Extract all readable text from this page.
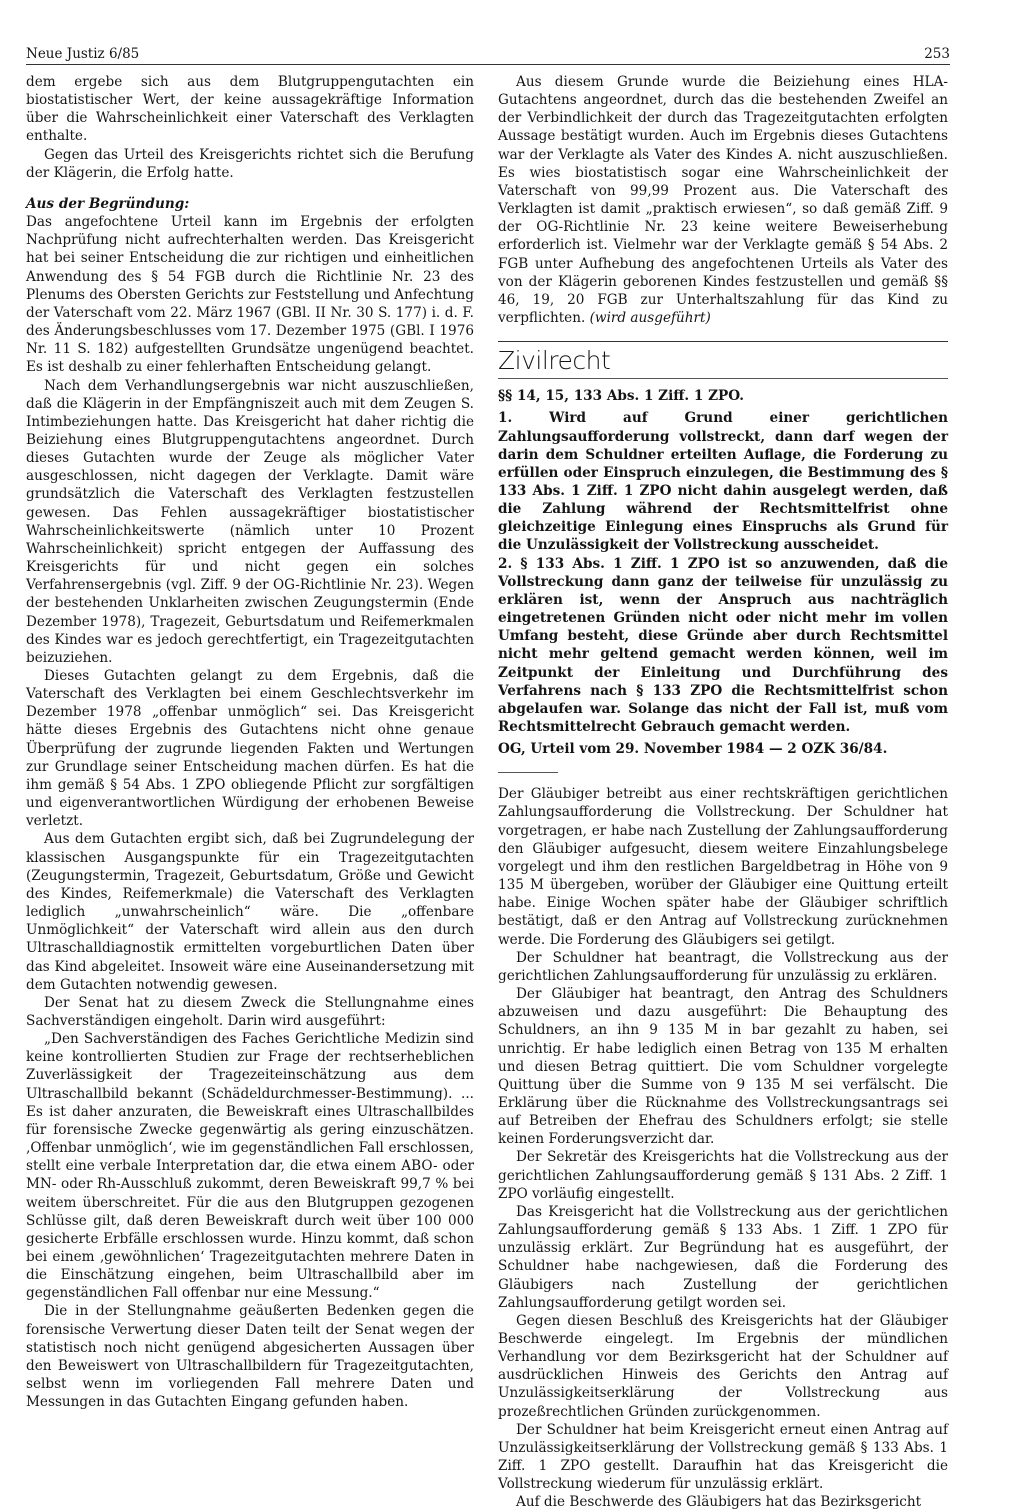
Neue Justiz 6/85	253

dem ergebe sich aus dem Blutgruppengutachten ein biostatistischer Wert, der keine aussagekräftige Information über die Wahrscheinlichkeit einer Vaterschaft des Verklagten enthalte.

Gegen das Urteil des Kreisgerichts richtet sich die Berufung der Klägerin, die Erfolg hatte.

Aus der Begründung:

Das angefochtene Urteil kann im Ergebnis der erfolgten Nachprüfung nicht aufrechterhalten werden. Das Kreisgericht hat bei seiner Entscheidung die zur richtigen und einheitlichen Anwendung des § 54 FGB durch die Richtlinie Nr. 23 des Plenums des Obersten Gerichts zur Feststellung und Anfechtung der Vaterschaft vom 22. März 1967 (GBl. II Nr. 30 S. 177) i. d. F. des Änderungsbeschlusses vom 17. Dezember 1975 (GBl. I 1976 Nr. 11 S. 182) aufgestellten Grundsätze ungenügend beachtet. Es ist deshalb zu einer fehlerhaften Entscheidung gelangt.

Nach dem Verhandlungsergebnis war nicht auszuschließen, daß die Klägerin in der Empfängniszeit auch mit dem Zeugen S. Intimbeziehungen hatte. Das Kreisgericht hat daher richtig die Beiziehung eines Blutgruppengutachtens angeordnet. Durch dieses Gutachten wurde der Zeuge als möglicher Vater ausgeschlossen, nicht dagegen der Verklagte. Damit wäre grundsätzlich die Vaterschaft des Verklagten festzustellen gewesen. Das Fehlen aussagekräftiger biostatistischer Wahrscheinlichkeitswerte (nämlich unter 10 Prozent Wahrscheinlichkeit) spricht entgegen der Auffassung des Kreisgerichts für und nicht gegen ein solches Verfahrensergebnis (vgl. Ziff. 9 der OG-Richtlinie Nr. 23). Wegen der bestehenden Unklarheiten zwischen Zeugungstermin (Ende Dezember 1978), Tragezeit, Geburtsdatum und Reifemerkmalen des Kindes war es jedoch gerechtfertigt, ein Tragezeitgutachten beizuziehen.

Dieses Gutachten gelangt zu dem Ergebnis, daß die Vaterschaft des Verklagten bei einem Geschlechtsverkehr im Dezember 1978 „offenbar unmöglich“ sei. Das Kreisgericht hätte dieses Ergebnis des Gutachtens nicht ohne genaue Überprüfung der zugrunde liegenden Fakten und Wertungen zur Grundlage seiner Entscheidung machen dürfen. Es hat die ihm gemäß § 54 Abs. 1 ZPO obliegende Pflicht zur sorgfältigen und eigenverantwortlichen Würdigung der erhobenen Beweise verletzt.

Aus dem Gutachten ergibt sich, daß bei Zugrundelegung der klassischen Ausgangspunkte für ein Tragezeitgutachten (Zeugungstermin, Tragezeit, Geburtsdatum, Größe und Gewicht des Kindes, Reifemerkmale) die Vaterschaft des Verklagten lediglich „unwahrscheinlich“ wäre. Die „offenbare Unmöglichkeit“ der Vaterschaft wird allein aus den durch Ultraschalldiagnostik ermittelten vorgeburtlichen Daten über das Kind abgeleitet. Insoweit wäre eine Auseinandersetzung mit dem Gutachten notwendig gewesen.

Der Senat hat zu diesem Zweck die Stellungnahme eines Sachverständigen eingeholt. Darin wird ausgeführt:

„Den Sachverständigen des Faches Gerichtliche Medizin sind keine kontrollierten Studien zur Frage der rechtserheblichen Zuverlässigkeit der Tragezeiteinschätzung aus dem Ultraschallbild bekannt (Schädeldurchmesser-Bestimmung). ... Es ist daher anzuraten, die Beweiskraft eines Ultraschallbildes für forensische Zwecke gegenwärtig als gering einzuschätzen. ‚Offenbar unmöglich‘, wie im gegenständlichen Fall erschlossen, stellt eine verbale Interpretation dar, die etwa einem ABO- oder MN- oder Rh-Ausschluß zukommt, deren Beweiskraft 99,7 % bei weitem überschreitet. Für die aus den Blutgruppen gezogenen Schlüsse gilt, daß deren Beweiskraft durch weit über 100 000 gesicherte Erbfälle erschlossen wurde. Hinzu kommt, daß schon bei einem ‚gewöhnlichen‘ Tragezeitgutachten mehrere Daten in die Einschätzung eingehen, beim Ultraschallbild aber im gegenständlichen Fall offenbar nur eine Messung.“

Die in der Stellungnahme geäußerten Bedenken gegen die forensische Verwertung dieser Daten teilt der Senat wegen der statistisch noch nicht genügend abgesicherten Aussagen über den Beweiswert von Ultraschallbildern für Tragezeitgutachten, selbst wenn im vorliegenden Fall mehrere Daten und Messungen in das Gutachten Eingang gefunden haben.

Aus diesem Grunde wurde die Beiziehung eines HLA-Gutachtens angeordnet, durch das die bestehenden Zweifel an der Verbindlichkeit der durch das Tragezeitgutachten erfolgten Aussage bestätigt wurden. Auch im Ergebnis dieses Gutachtens war der Verklagte als Vater des Kindes A. nicht auszuschließen. Es wies biostatistisch sogar eine Wahrscheinlichkeit der Vaterschaft von 99,99 Prozent aus. Die Vaterschaft des Verklagten ist damit „praktisch erwiesen“, so daß gemäß Ziff. 9 der OG-Richtlinie Nr. 23 keine weitere Beweiserhebung erforderlich ist. Vielmehr war der Verklagte gemäß § 54 Abs. 2 FGB unter Aufhebung des angefochtenen Urteils als Vater des von der Klägerin geborenen Kindes festzustellen und gemäß §§ 46, 19, 20 FGB zur Unterhaltszahlung für das Kind zu verpflichten. (wird ausgeführt)

Zivilrecht

§§ 14, 15, 133 Abs. 1 Ziff. 1 ZPO.

1. Wird auf Grund einer gerichtlichen Zahlungsaufforderung vollstreckt, dann darf wegen der darin dem Schuldner erteilten Auflage, die Forderung zu erfüllen oder Einspruch einzulegen, die Bestimmung des § 133 Abs. 1 Ziff. 1 ZPO nicht dahin ausgelegt werden, daß die Zahlung während der Rechtsmittelfrist ohne gleichzeitige Einlegung eines Einspruchs als Grund für die Unzulässigkeit der Vollstreckung ausscheidet.

2. § 133 Abs. 1 Ziff. 1 ZPO ist so anzuwenden, daß die Vollstreckung dann ganz der teilweise für unzulässig zu erklären ist, wenn der Anspruch aus nachträglich eingetretenen Gründen nicht oder nicht mehr im vollen Umfang besteht, diese Gründe aber durch Rechtsmittel nicht mehr geltend gemacht werden können, weil im Zeitpunkt der Einleitung und Durchführung des Verfahrens nach § 133 ZPO die Rechtsmittelfrist schon abgelaufen war. Solange das nicht der Fall ist, muß vom Rechtsmittelrecht Gebrauch gemacht werden.

OG, Urteil vom 29. November 1984 — 2 OZK 36/84.

Der Gläubiger betreibt aus einer rechtskräftigen gerichtlichen Zahlungsaufforderung die Vollstreckung. Der Schuldner hat vorgetragen, er habe nach Zustellung der Zahlungsaufforderung den Gläubiger aufgesucht, diesem weitere Einzahlungsbelege vorgelegt und ihm den restlichen Bargeldbetrag in Höhe von 9 135 M übergeben, worüber der Gläubiger eine Quittung erteilt habe. Einige Wochen später habe der Gläubiger schriftlich bestätigt, daß er den Antrag auf Vollstreckung zurücknehmen werde. Die Forderung des Gläubigers sei getilgt.

Der Schuldner hat beantragt, die Vollstreckung aus der gerichtlichen Zahlungsaufforderung für unzulässig zu erklären.

Der Gläubiger hat beantragt, den Antrag des Schuldners abzuweisen und dazu ausgeführt: Die Behauptung des Schuldners, an ihn 9 135 M in bar gezahlt zu haben, sei unrichtig. Er habe lediglich einen Betrag von 135 M erhalten und diesen Betrag quittiert. Die vom Schuldner vorgelegte Quittung über die Summe von 9 135 M sei verfälscht. Die Erklärung über die Rücknahme des Vollstreckungsantrags sei auf Betreiben der Ehefrau des Schuldners erfolgt; sie stelle keinen Forderungsverzicht dar.

Der Sekretär des Kreisgerichts hat die Vollstreckung aus der gerichtlichen Zahlungsaufforderung gemäß § 131 Abs. 2 Ziff. 1 ZPO vorläufig eingestellt.

Das Kreisgericht hat die Vollstreckung aus der gerichtlichen Zahlungsaufforderung gemäß § 133 Abs. 1 Ziff. 1 ZPO für unzulässig erklärt. Zur Begründung hat es ausgeführt, der Schuldner habe nachgewiesen, daß die Forderung des Gläubigers nach Zustellung der gerichtlichen Zahlungsaufforderung getilgt worden sei.

Gegen diesen Beschluß des Kreisgerichts hat der Gläubiger Beschwerde eingelegt. Im Ergebnis der mündlichen Verhandlung vor dem Bezirksgericht hat der Schuldner auf ausdrücklichen Hinweis des Gerichts den Antrag auf Unzulässigkeitserklärung der Vollstreckung aus prozeßrechtlichen Gründen zurückgenommen.

Der Schuldner hat beim Kreisgericht erneut einen Antrag auf Unzulässigkeitserklärung der Vollstreckung gemäß § 133 Abs. 1 Ziff. 1 ZPO gestellt. Daraufhin hat das Kreisgericht die Vollstreckung wiederum für unzulässig erklärt.

Auf die Beschwerde des Gläubigers hat das Bezirksgericht
